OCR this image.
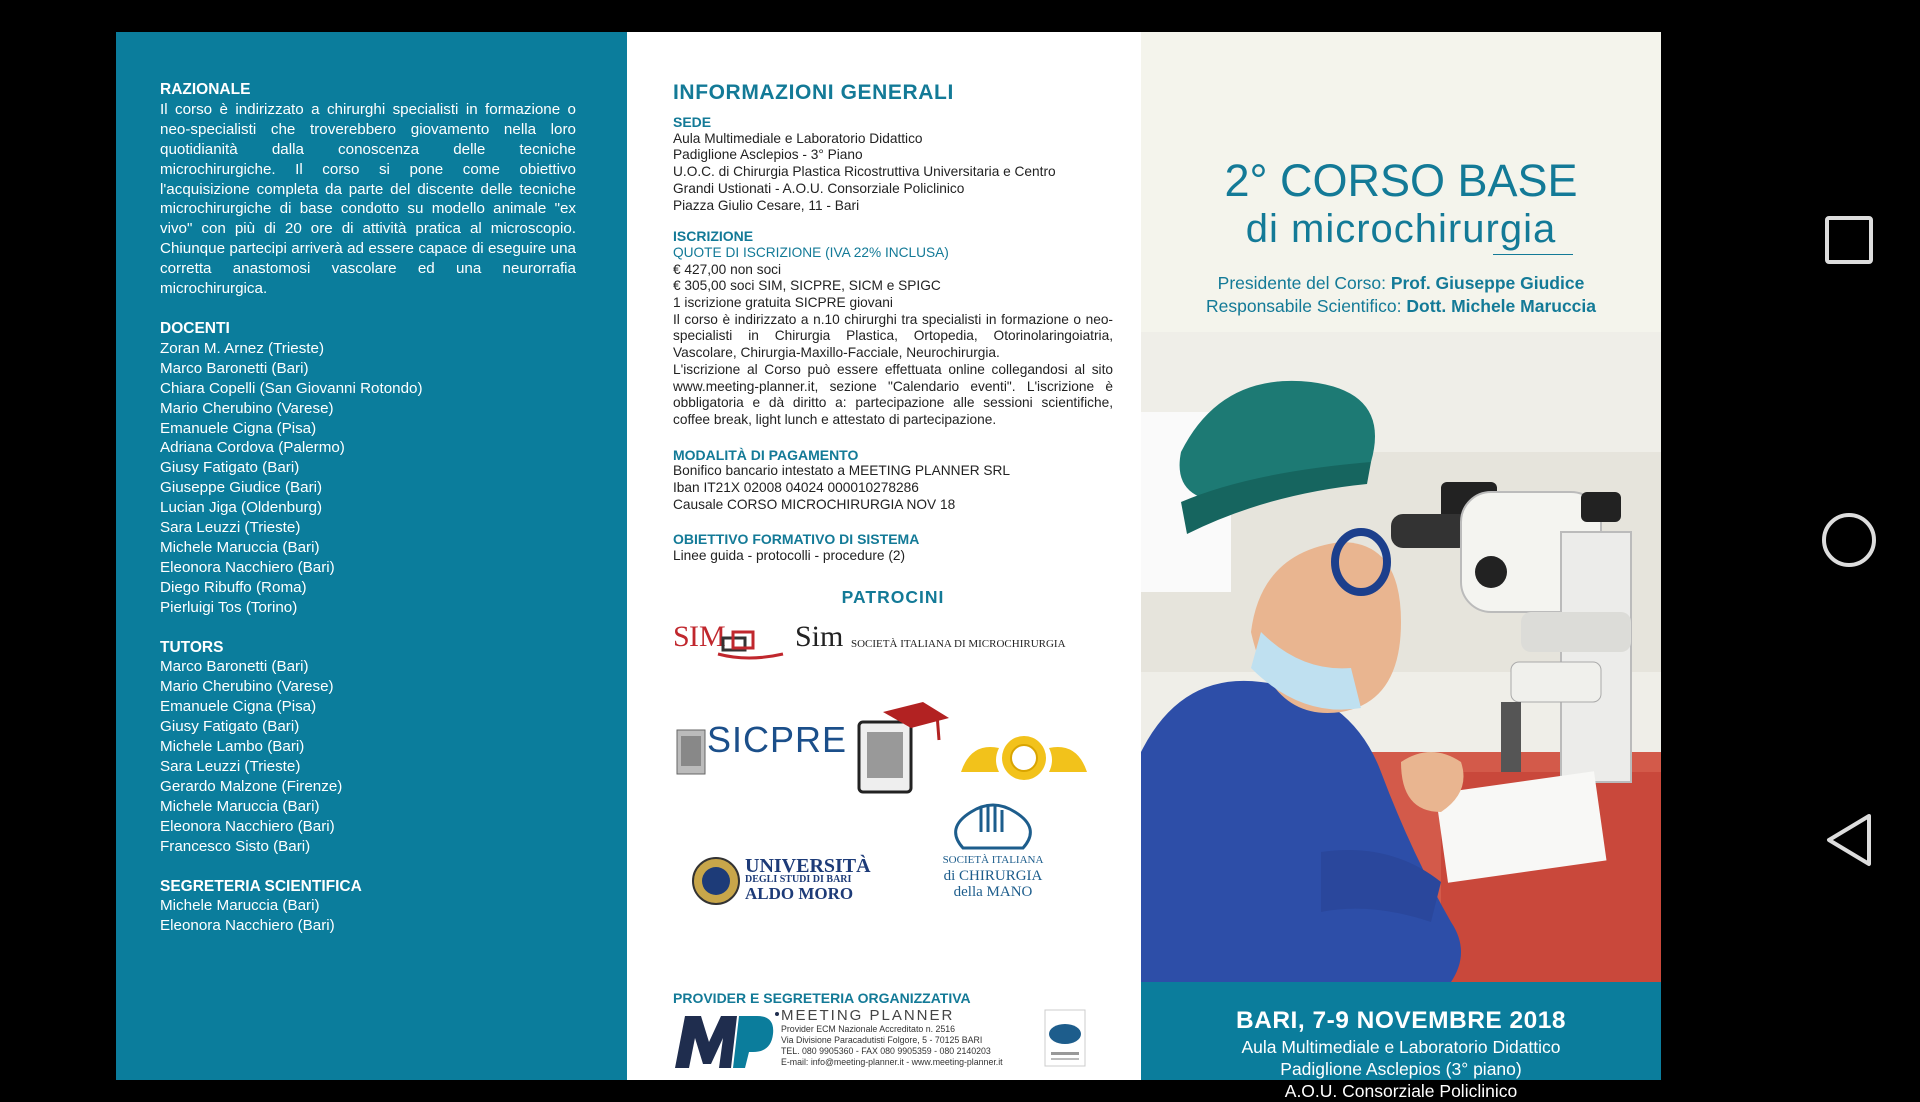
RAZIONALE
Il corso è indirizzato a chirurghi specialisti in formazione o neo-specialisti che troverebbero giovamento nella loro quotidianità dalla conoscenza delle tecniche microchirurgiche. Il corso si pone come obiettivo l'acquisizione completa da parte del discente delle tecniche microchirurgiche di base condotto su modello animale "ex vivo" con più di 20 ore di attività pratica al microscopio. Chiunque partecipi arriverà ad essere capace di eseguire una corretta anastomosi vascolare ed una neurorrafia microchirurgica.
DOCENTI
Zoran M. Arnez (Trieste)
Marco Baronetti (Bari)
Chiara Copelli (San Giovanni Rotondo)
Mario Cherubino (Varese)
Emanuele Cigna (Pisa)
Adriana Cordova (Palermo)
Giusy Fatigato (Bari)
Giuseppe Giudice (Bari)
Lucian Jiga (Oldenburg)
Sara Leuzzi (Trieste)
Michele Maruccia (Bari)
Eleonora Nacchiero (Bari)
Diego Ribuffo (Roma)
Pierluigi Tos (Torino)
TUTORS
Marco Baronetti (Bari)
Mario Cherubino (Varese)
Emanuele Cigna (Pisa)
Giusy Fatigato (Bari)
Michele Lambo (Bari)
Sara Leuzzi (Trieste)
Gerardo Malzone (Firenze)
Michele Maruccia (Bari)
Eleonora Nacchiero (Bari)
Francesco Sisto (Bari)
SEGRETERIA SCIENTIFICA
Michele Maruccia (Bari)
Eleonora Nacchiero (Bari)
INFORMAZIONI GENERALI
SEDE
Aula Multimediale e Laboratorio Didattico
Padiglione Asclepios - 3° Piano
U.O.C. di Chirurgia Plastica Ricostruttiva Universitaria e Centro
Grandi Ustionati - A.O.U. Consorziale Policlinico
Piazza Giulio Cesare, 11 - Bari
ISCRIZIONE
QUOTE DI ISCRIZIONE (IVA 22% INCLUSA)
€ 427,00 non soci
€ 305,00 soci SIM, SICPRE, SICM e SPIGC
1 iscrizione gratuita SICPRE giovani
Il corso è indirizzato a n.10 chirurghi tra specialisti in formazione o neo-specialisti in Chirurgia Plastica, Ortopedia, Otorinolaringoiatria, Vascolare, Chirurgia-Maxillo-Facciale, Neurochirurgia.
L'iscrizione al Corso può essere effettuata online collegandosi al sito www.meeting-planner.it, sezione "Calendario eventi". L'iscrizione è obbligatoria e dà diritto a: partecipazione alle sessioni scientifiche, coffee break, light lunch e attestato di partecipazione.
MODALITÀ DI PAGAMENTO
Bonifico bancario intestato a MEETING PLANNER SRL
Iban IT21X 02008 04024 000010278286
Causale CORSO MICROCHIRURGIA NOV 18
OBIETTIVO FORMATIVO DI SISTEMA
Linee guida - protocolli - procedure (2)
PATROCINI
S IM Sim SOCIETÀ ITALIANA DI MICROCHIRURGIA
SICPRE
UNIVERSITÀ
DEGLI STUDI DI BARI
ALDO MORO
SOCIETÀ ITALIANA
di CHIRURGIA
della MANO
PROVIDER E SEGRETERIA ORGANIZZATIVA
MEETING PLANNER
Provider ECM Nazionale Accreditato n. 2516
Via Divisione Paracadutisti Folgore, 5 - 70125 BARI
TEL. 080 9905360 - FAX 080 9905359 - 080 2140203
E-mail: info@meeting-planner.it - www.meeting-planner.it
2° CORSO BASE
di microchirurgia
Presidente del Corso: Prof. Giuseppe Giudice
Responsabile Scientifico: Dott. Michele Maruccia
BARI, 7-9 NOVEMBRE 2018
Aula Multimediale e Laboratorio Didattico
Padiglione Asclepios (3° piano)
A.O.U. Consorziale Policlinico
